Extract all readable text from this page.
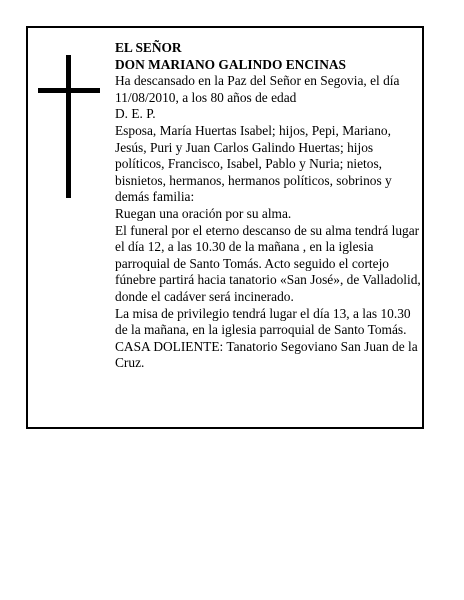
EL SEÑOR

DON MARIANO GALINDO ENCINAS

Ha descansado en la Paz del Señor en Segovia, el día 11/08/2010, a los 80 años de edad

D. E. P.

Esposa, María Huertas Isabel; hijos, Pepi, Mariano, Jesús, Puri y Juan Carlos Galindo Huertas; hijos políticos, Francisco, Isabel, Pablo y Nuria; nietos, bisnietos, hermanos, hermanos políticos, sobrinos y demás familia:

Ruegan una oración por su alma.

El funeral por el eterno descanso de su alma tendrá lugar el día 12, a las 10.30 de la mañana , en la iglesia parroquial de Santo Tomás. Acto seguido el cortejo fúnebre partirá hacia tanatorio «San José», de Valladolid, donde el cadáver será incinerado.

La misa de privilegio tendrá lugar el día 13, a las 10.30 de la mañana, en la iglesia parroquial de Santo Tomás.

CASA DOLIENTE: Tanatorio Segoviano San Juan de la Cruz.
